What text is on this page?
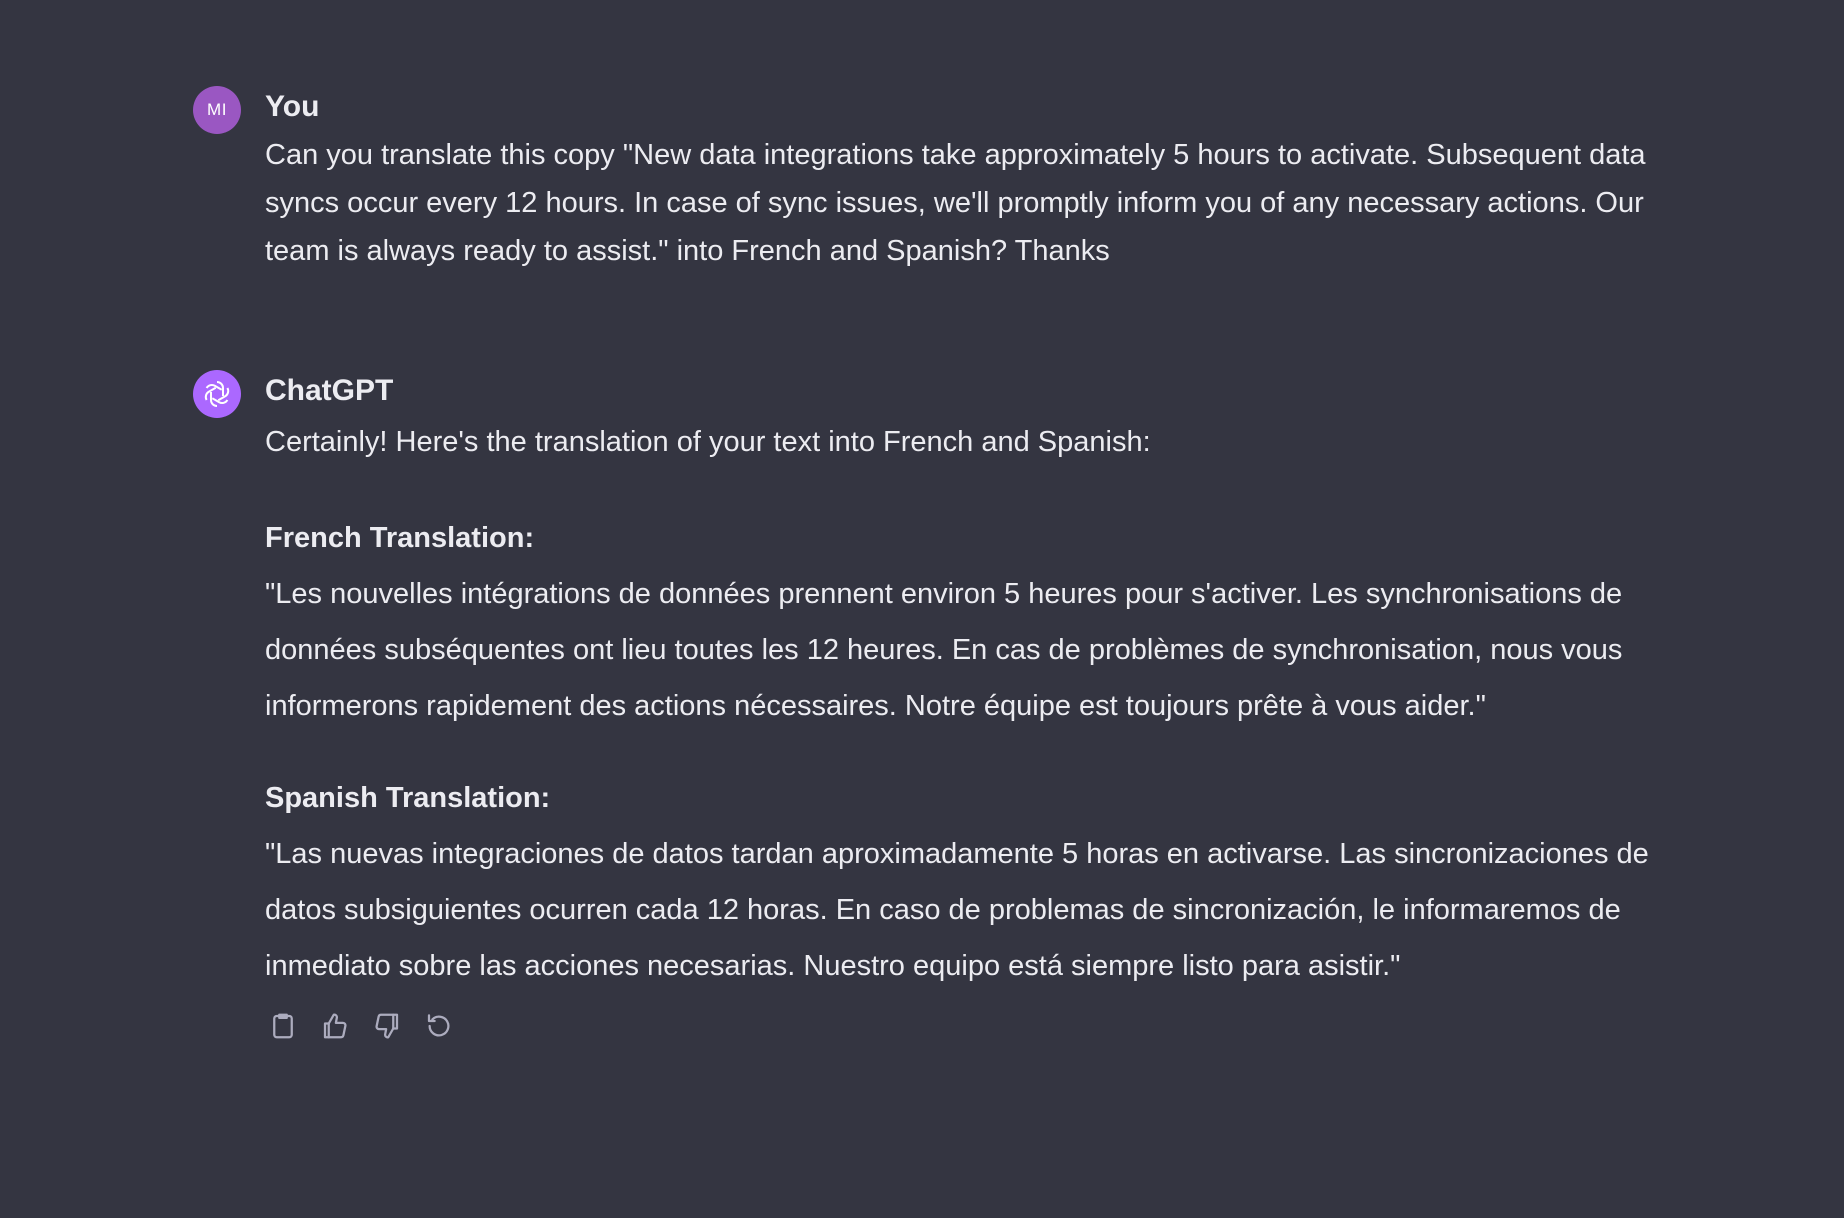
MI You
Can you translate this copy "New data integrations take approximately 5 hours to activate. Subsequent data syncs occur every 12 hours. In case of sync issues, we'll promptly inform you of any necessary actions. Our team is always ready to assist." into French and Spanish? Thanks
ChatGPT
Certainly! Here's the translation of your text into French and Spanish:
French Translation:
"Les nouvelles intégrations de données prennent environ 5 heures pour s'activer. Les synchronisations de données subséquentes ont lieu toutes les 12 heures. En cas de problèmes de synchronisation, nous vous informerons rapidement des actions nécessaires. Notre équipe est toujours prête à vous aider."
Spanish Translation:
"Las nuevas integraciones de datos tardan aproximadamente 5 horas en activarse. Las sincronizaciones de datos subsiguientes ocurren cada 12 horas. En caso de problemas de sincronización, le informaremos de inmediato sobre las acciones necesarias. Nuestro equipo está siempre listo para asistir."
